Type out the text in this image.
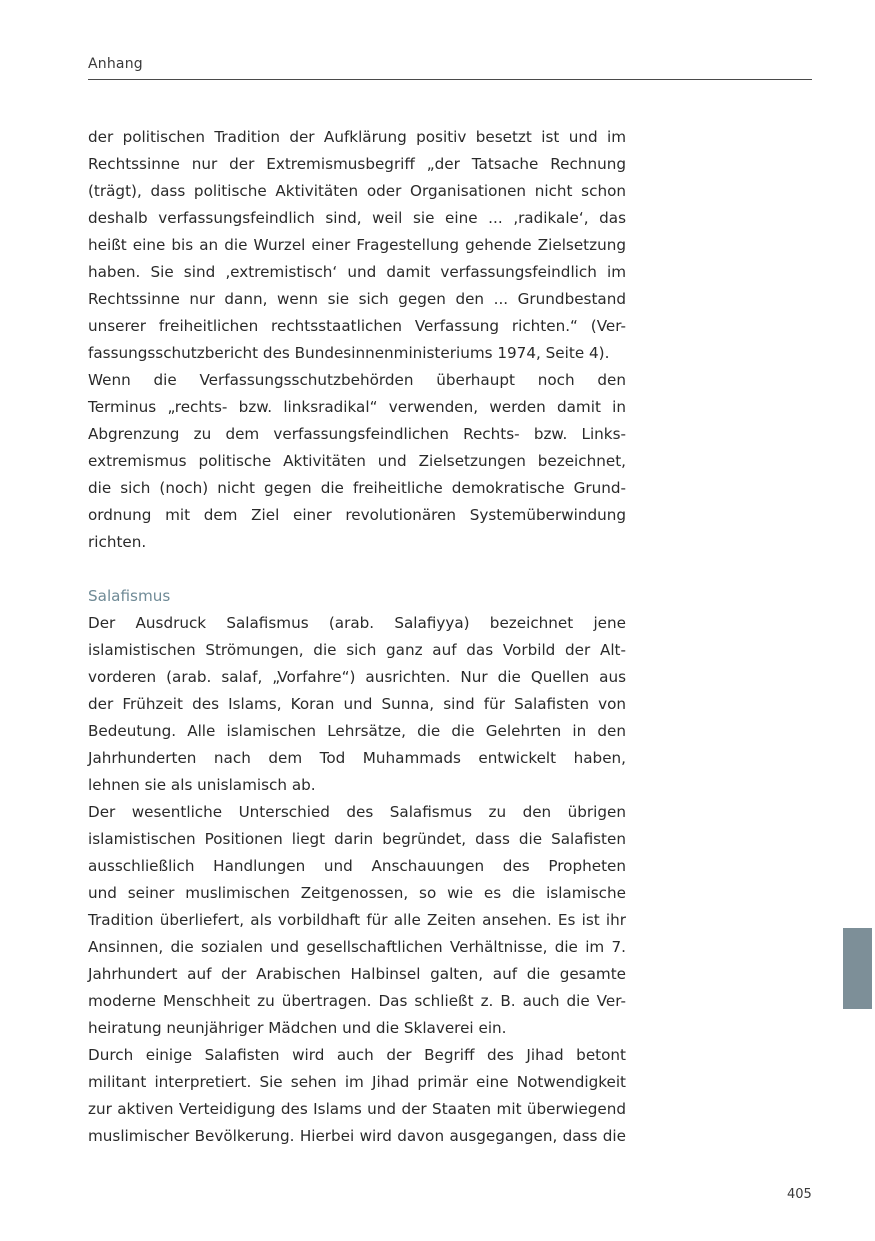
Anhang
der politischen Tradition der Aufklärung positiv besetzt ist und im
Rechtssinne nur der Extremismusbegriff „der Tatsache Rechnung
(trägt), dass politische Aktivitäten oder Organisationen nicht schon
deshalb verfassungsfeindlich sind, weil sie eine ... ‚radikale‘, das
heißt eine bis an die Wurzel einer Fragestellung gehende Zielsetzung
haben. Sie sind ‚extremistisch‘ und damit verfassungsfeindlich im
Rechtssinne nur dann, wenn sie sich gegen den ... Grundbestand
unserer freiheitlichen rechtsstaatlichen Verfassung richten.“ (Ver-
fassungsschutzbericht des Bundesinnenministeriums 1974, Seite 4).
Wenn die Verfassungsschutzbehörden überhaupt noch den
Terminus „rechts- bzw. linksradikal“ verwenden, werden damit in
Abgrenzung zu dem verfassungsfeindlichen Rechts- bzw. Links-
extremismus politische Aktivitäten und Zielsetzungen bezeichnet,
die sich (noch) nicht gegen die freiheitliche demokratische Grund-
ordnung mit dem Ziel einer revolutionären Systemüberwindung
richten.
Salafismus
Der Ausdruck Salafismus (arab. Salafiyya) bezeichnet jene
islamistischen Strömungen, die sich ganz auf das Vorbild der Alt-
vorderen (arab. salaf, „Vorfahre“) ausrichten. Nur die Quellen aus
der Frühzeit des Islams, Koran und Sunna, sind für Salafisten von
Bedeutung. Alle islamischen Lehrsätze, die die Gelehrten in den
Jahrhunderten nach dem Tod Muhammads entwickelt haben,
lehnen sie als unislamisch ab.
Der wesentliche Unterschied des Salafismus zu den übrigen
islamistischen Positionen liegt darin begründet, dass die Salafisten
ausschließlich Handlungen und Anschauungen des Propheten
und seiner muslimischen Zeitgenossen, so wie es die islamische
Tradition überliefert, als vorbildhaft für alle Zeiten ansehen. Es ist ihr
Ansinnen, die sozialen und gesellschaftlichen Verhältnisse, die im 7.
Jahrhundert auf der Arabischen Halbinsel galten, auf die gesamte
moderne Menschheit zu übertragen. Das schließt z. B. auch die Ver-
heiratung neunjähriger Mädchen und die Sklaverei ein.
Durch einige Salafisten wird auch der Begriff des Jihad betont
militant interpretiert. Sie sehen im Jihad primär eine Notwendigkeit
zur aktiven Verteidigung des Islams und der Staaten mit überwiegend
muslimischer Bevölkerung. Hierbei wird davon ausgegangen, dass die
405
